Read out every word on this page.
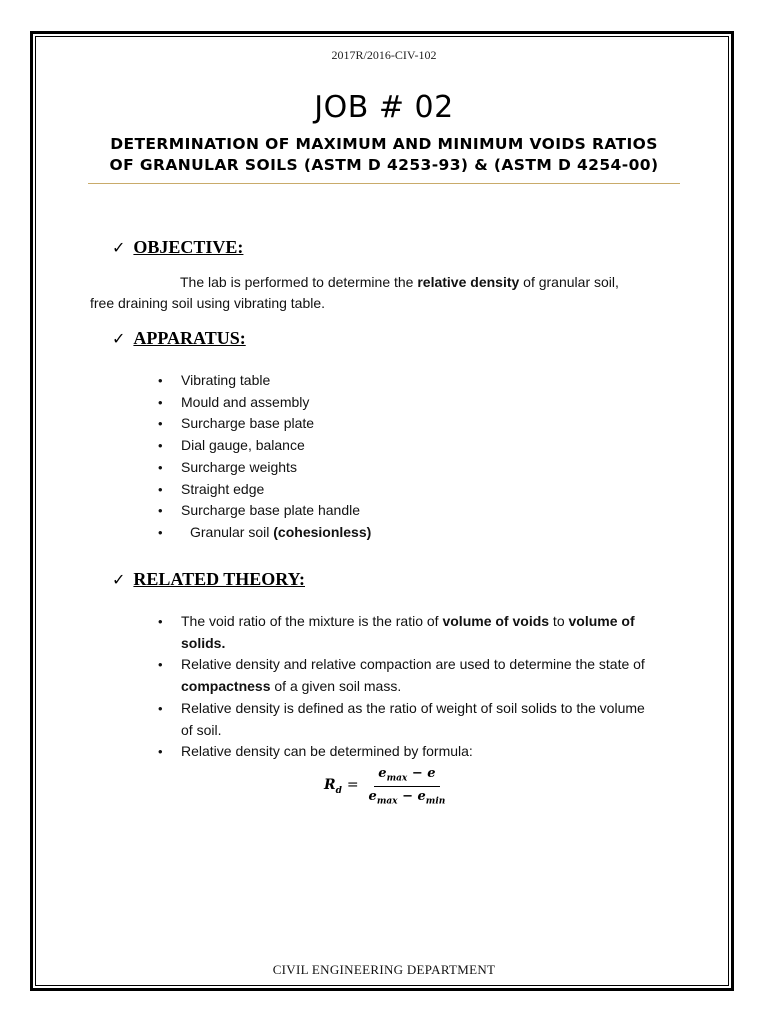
2017R/2016-CIV-102
JOB # 02
DETERMINATION OF MAXIMUM AND MINIMUM VOIDS RATIOS
OF GRANULAR SOILS (ASTM D 4253-93) & (ASTM D 4254-00)
✓ OBJECTIVE:
The lab is performed to determine the relative density of granular soil,
free draining soil using vibrating table.
✓ APPARATUS:
• Vibrating table
• Mould and assembly
• Surcharge base plate
• Dial gauge, balance
• Surcharge weights
• Straight edge
• Surcharge base plate handle
• Granular soil (cohesionless)
✓ RELATED THEORY:
• The void ratio of the mixture is the ratio of volume of voids to volume of solids.
• Relative density and relative compaction are used to determine the state of compactness of a given soil mass.
• Relative density is defined as the ratio of weight of soil solids to the volume of soil.
• Relative density can be determined by formula:
$R_d = \frac{e_{max} - e}{e_{max} - e_{min}}$
CIVIL ENGINEERING DEPARTMENT
